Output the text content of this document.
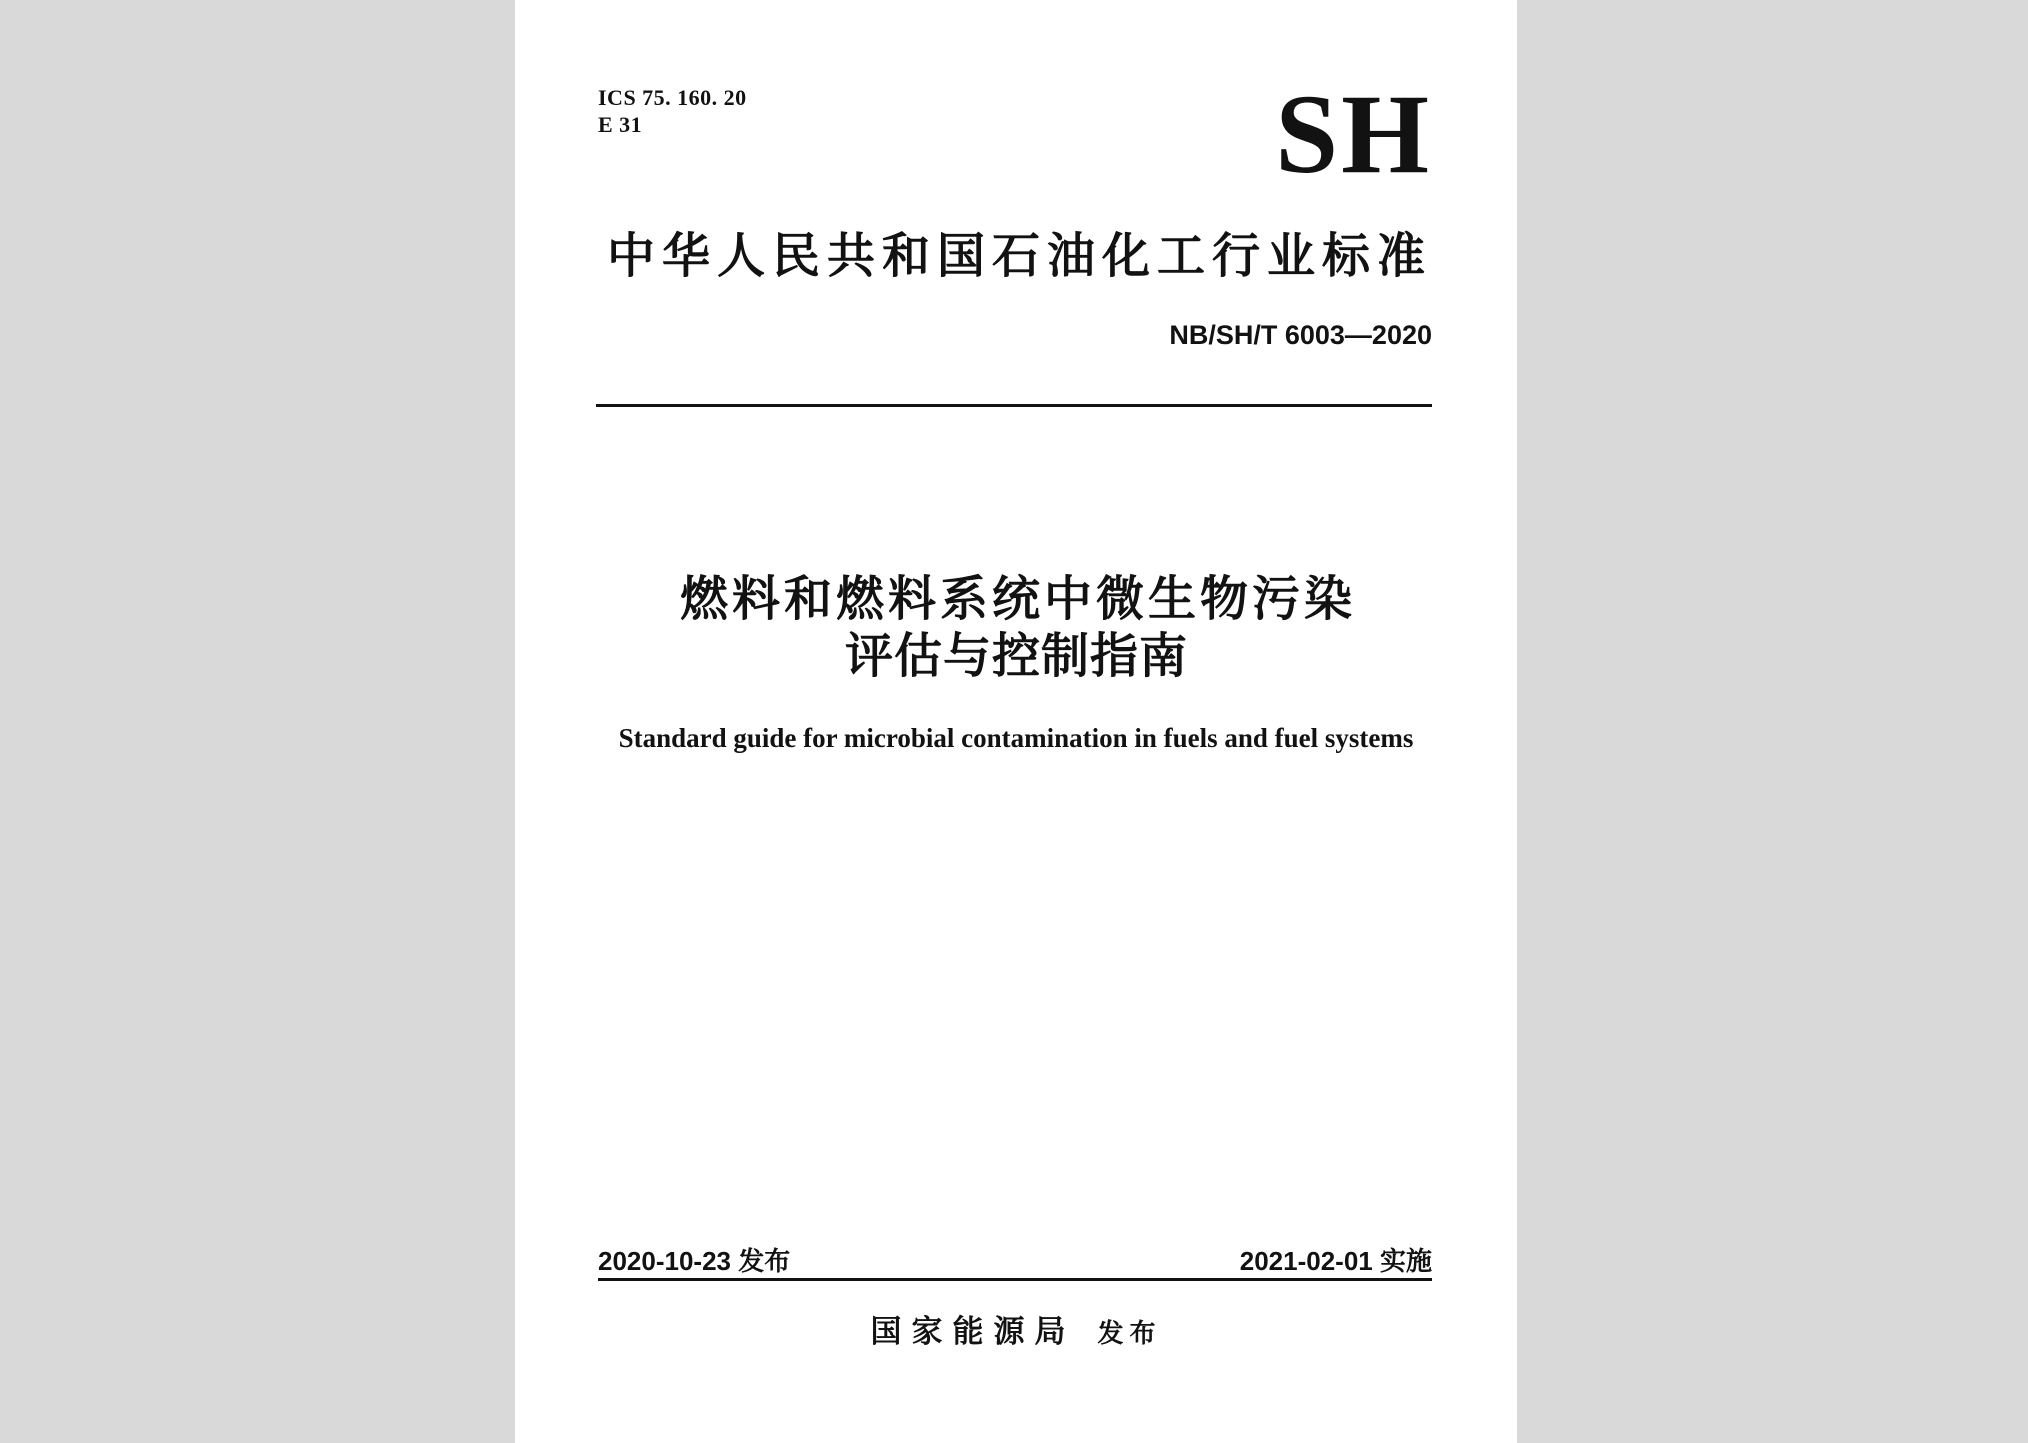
ICS 75. 160. 20
E 31	SH
中华人民共和国石油化工行业标准
NB/SH/T 6003—2020
燃料和燃料系统中微生物污染
评估与控制指南
Standard guide for microbial contamination in fuels and fuel systems
2020-10-23 发布	2021-02-01 实施
国家能源局 发布
